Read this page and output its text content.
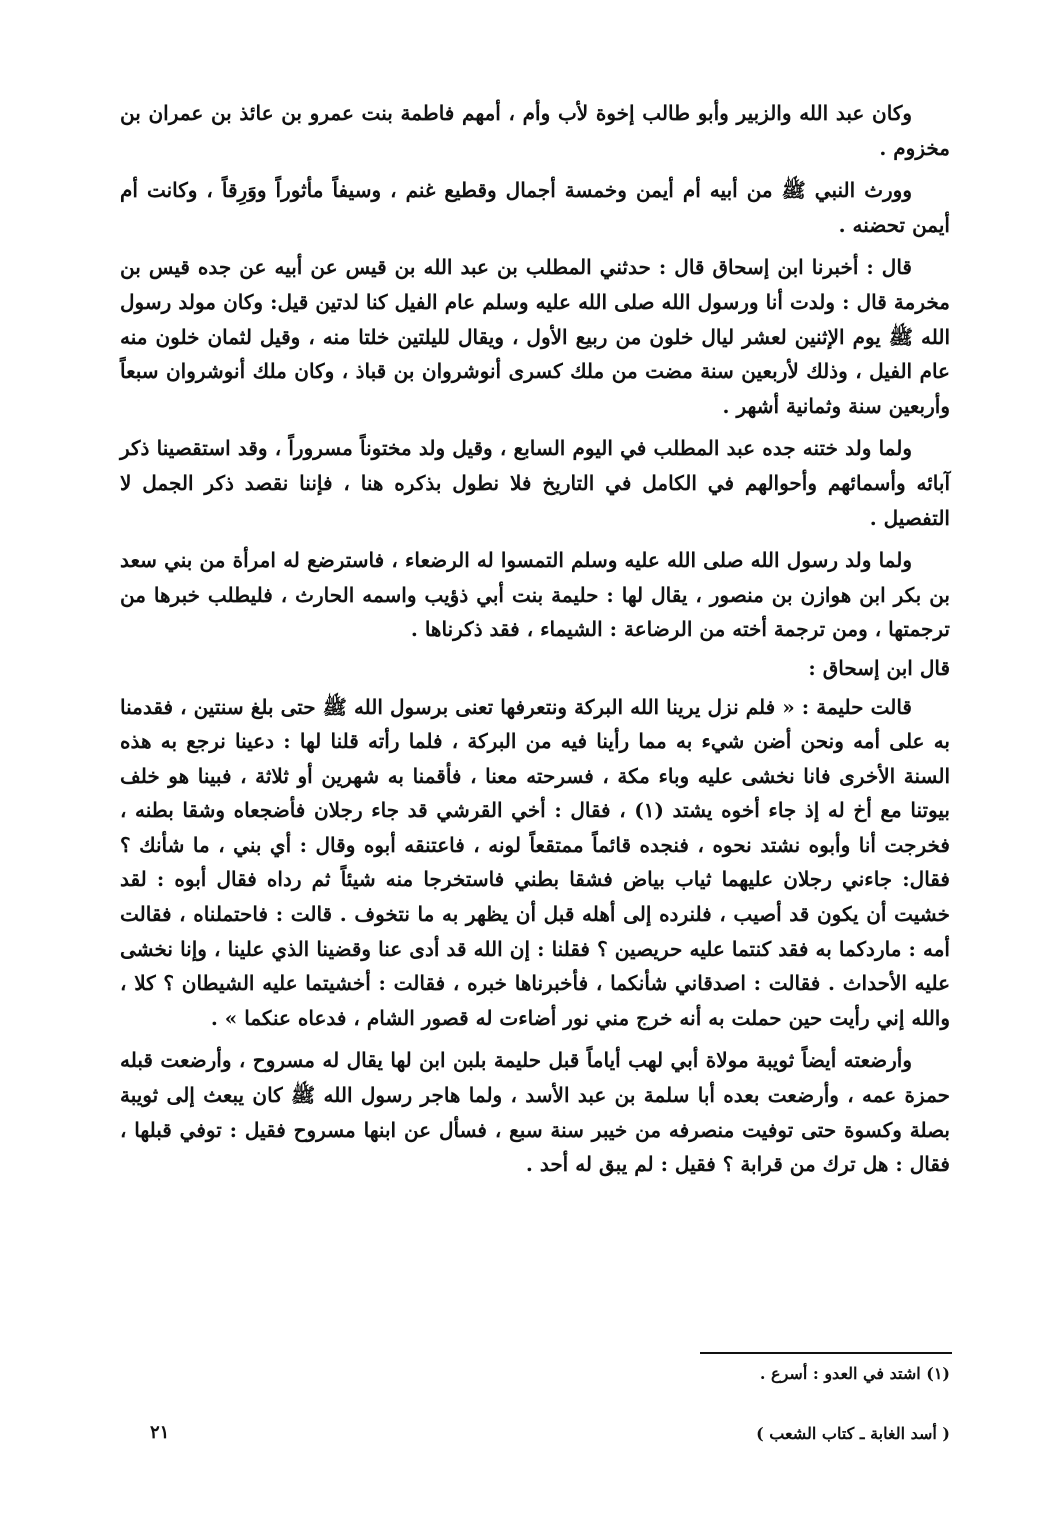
وكان عبد الله والزبير وأبو طالب إخوة لأب وأم ، أمهم فاطمة بنت عمرو بن عائذ بن عمران بن مخزوم .

وورث النبي ﷺ من أبيه أم أيمن وخمسة أجمال وقطيع غنم ، وسيفاً مأثوراً ووَرِقاً ، وكانت أم أيمن تحضنه .

قال : أخبرنا ابن إسحاق قال : حدثني المطلب بن عبد الله بن قيس عن أبيه عن جده قيس بن مخرمة قال : ولدت أنا ورسول الله صلى الله عليه وسلم عام الفيل كنا لدتين قيل: وكان مولد رسول الله ﷺ يوم الإثنين لعشر ليال خلون من ربيع الأول ، ويقال لليلتين خلتا منه ، وقيل لثمان خلون منه عام الفيل ، وذلك لأربعين سنة مضت من ملك كسرى أنوشروان بن قباذ ، وكان ملك أنوشروان سبعاً وأربعين سنة وثمانية أشهر .

ولما ولد ختنه جده عبد المطلب في اليوم السابع ، وقيل ولد مختوناً مسروراً ، وقد استقصينا ذكر آبائه وأسمائهم وأحوالهم في الكامل في التاريخ فلا نطول بذكره هنا ، فإننا نقصد ذكر الجمل لا التفصيل .

ولما ولد رسول الله صلى الله عليه وسلم التمسوا له الرضعاء ، فاسترضع له امرأة من بني سعد بن بكر ابن هوازن بن منصور ، يقال لها : حليمة بنت أبي ذؤيب واسمه الحارث ، فليطلب خبرها من ترجمتها ، ومن ترجمة أخته من الرضاعة : الشيماء ، فقد ذكرناها .

قال ابن إسحاق :

قالت حليمة : « فلم نزل يرينا الله البركة ونتعرفها تعنى برسول الله ﷺ حتى بلغ سنتين ، فقدمنا به على أمه ونحن أضن شيء به مما رأينا فيه من البركة ، فلما رأته قلنا لها : دعينا نرجع به هذه السنة الأخرى فانا نخشى عليه وباء مكة ، فسرحته معنا ، فأقمنا به شهرين أو ثلاثة ، فبينا هو خلف بيوتنا مع أخ له إذ جاء أخوه يشتد (١) ، فقال : أخي القرشي قد جاء رجلان فأضجعاه وشقا بطنه ، فخرجت أنا وأبوه نشتد نحوه ، فنجده قائماً ممتقعاً لونه ، فاعتنقه أبوه وقال : أي بني ، ما شأنك ؟ فقال: جاءني رجلان عليهما ثياب بياض فشقا بطني فاستخرجا منه شيئاً ثم رداه فقال أبوه : لقد خشيت أن يكون قد أصيب ، فلنرده إلى أهله قبل أن يظهر به ما نتخوف . قالت : فاحتملناه ، فقالت أمه : ماردكما به فقد كنتما عليه حريصين ؟ فقلنا : إن الله قد أدى عنا وقضينا الذي علينا ، وإنا نخشى عليه الأحداث . فقالت : اصدقاني شأنكما ، فأخبرناها خبره ، فقالت : أخشيتما عليه الشيطان ؟ كلا ، والله إني رأيت حين حملت به أنه خرج مني نور أضاءت له قصور الشام ، فدعاه عنكما » .

وأرضعته أيضاً ثويبة مولاة أبي لهب أياماً قبل حليمة بلبن ابن لها يقال له مسروح ، وأرضعت قبله حمزة عمه ، وأرضعت بعده أبا سلمة بن عبد الأسد ، ولما هاجر رسول الله ﷺ كان يبعث إلى ثويبة بصلة وكسوة حتى توفيت منصرفه من خيبر سنة سبع ، فسأل عن ابنها مسروح فقيل : توفي قبلها ، فقال : هل ترك من قرابة ؟ فقيل : لم يبق له أحد .

(١) اشتد في العدو : أسرع .
( أسد الغابة ـ كتاب الشعب )
٢١
